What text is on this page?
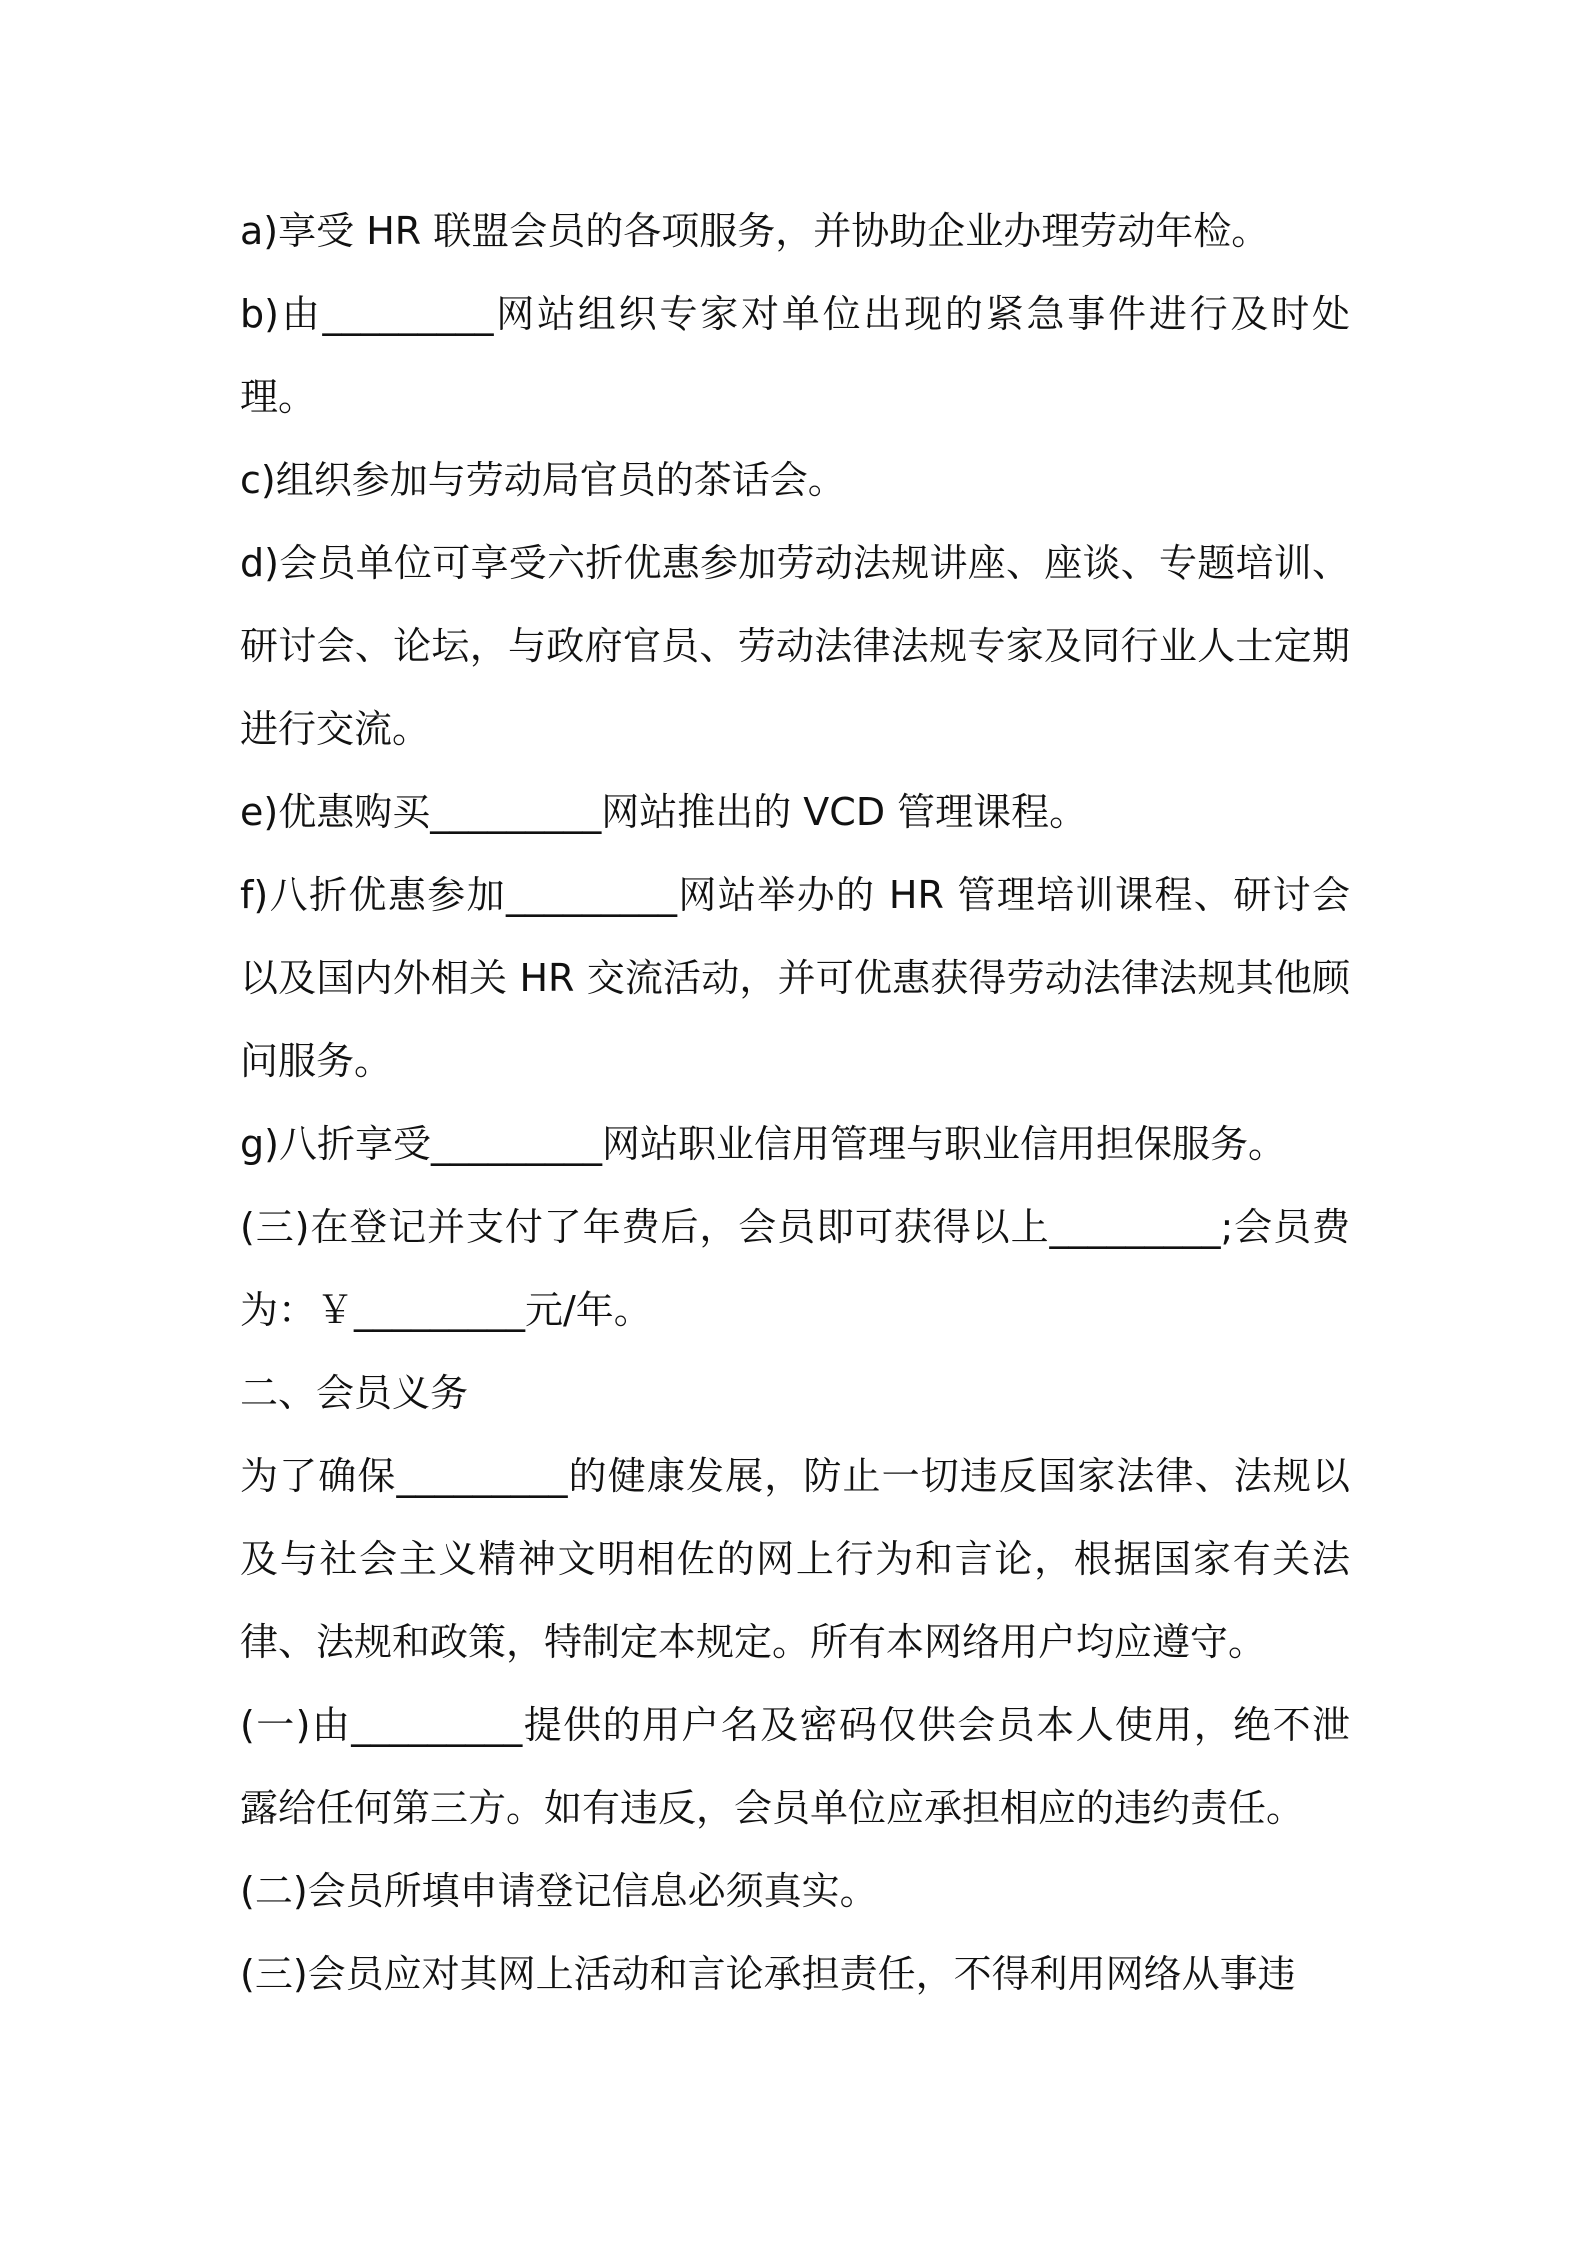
a)享受 HR 联盟会员的各项服务，并协助企业办理劳动年检。

b)由_________网站组织专家对单位出现的紧急事件进行及时处理。

c)组织参加与劳动局官员的茶话会。

d)会员单位可享受六折优惠参加劳动法规讲座、座谈、专题培训、研讨会、论坛，与政府官员、劳动法律法规专家及同行业人士定期进行交流。

e)优惠购买_________网站推出的 VCD 管理课程。

f)八折优惠参加_________网站举办的 HR 管理培训课程、研讨会以及国内外相关 HR 交流活动，并可优惠获得劳动法律法规其他顾问服务。

g)八折享受_________网站职业信用管理与职业信用担保服务。

(三)在登记并支付了年费后，会员即可获得以上_________;会员费为：￥_________元/年。

二、会员义务

为了确保_________的健康发展，防止一切违反国家法律、法规以及与社会主义精神文明相佐的网上行为和言论，根据国家有关法律、法规和政策，特制定本规定。所有本网络用户均应遵守。

(一)由_________提供的用户名及密码仅供会员本人使用，绝不泄露给任何第三方。如有违反，会员单位应承担相应的违约责任。

(二)会员所填申请登记信息必须真实。

(三)会员应对其网上活动和言论承担责任，不得利用网络从事违
